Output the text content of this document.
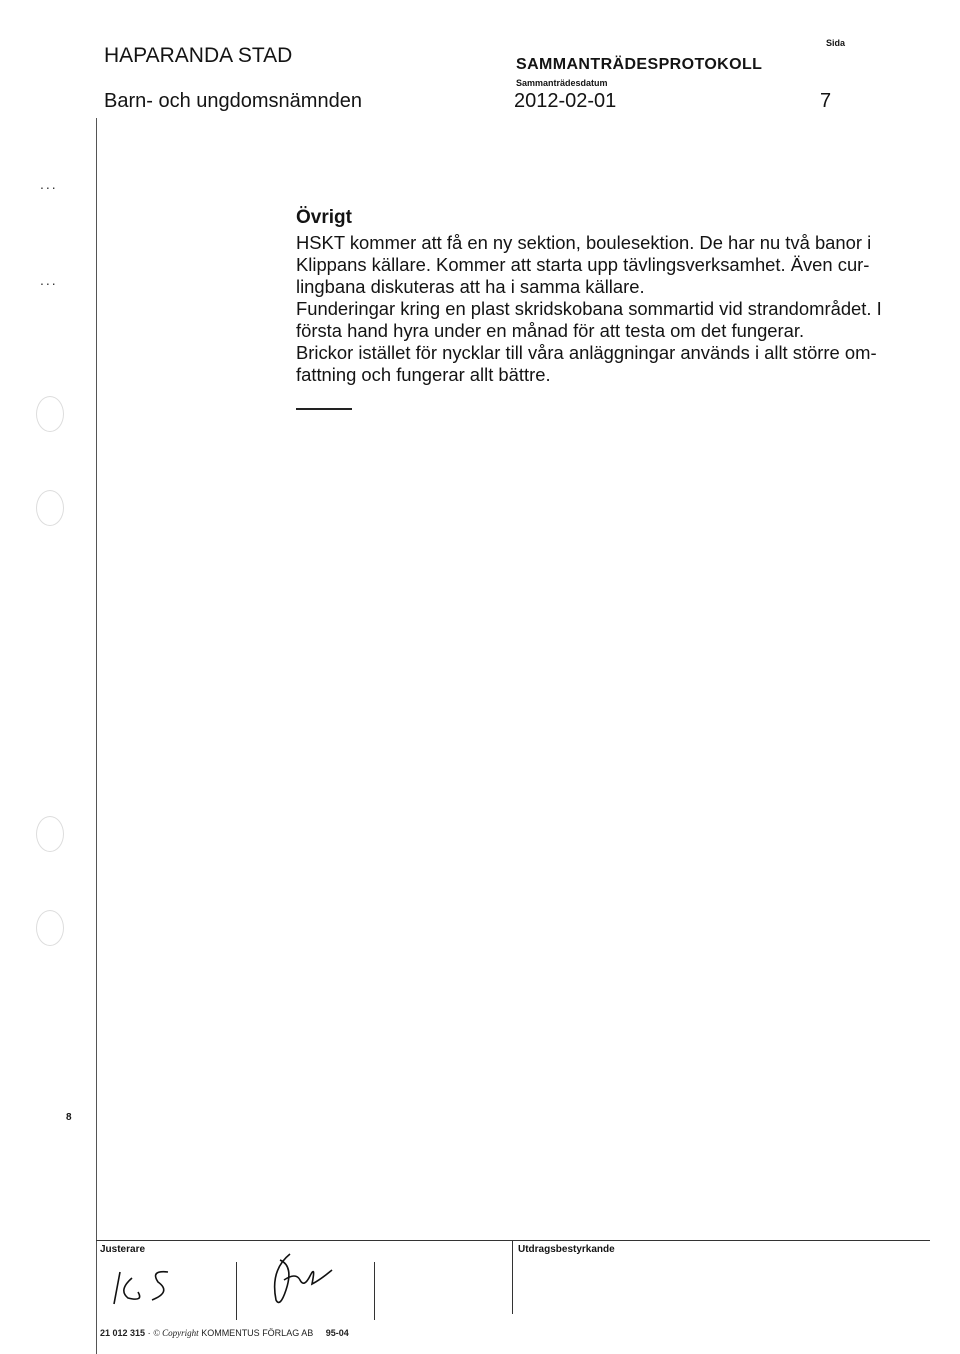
HAPARANDA STAD
Barn- och ungdomsnämnden
SAMMANTRÄDESPROTOKOLL
Sammanträdesdatum
2012-02-01
Sida
7
...
...
8
Övrigt
HSKT kommer att få en ny sektion, boulesektion. De har nu två banor i
Klippans källare. Kommer att starta upp tävlingsverksamhet. Även cur-
lingbana diskuteras att ha i samma källare.
Funderingar kring en plast skridskobana sommartid vid strandområdet. I
första hand hyra under en månad för att testa om det fungerar.
Brickor istället för nycklar till våra anläggningar används i allt större om-
fattning och fungerar allt bättre.
Justerare	Utdragsbestyrkande
21 012 315 · © Copyright KOMMENTUS FÖRLAG AB 95-04
